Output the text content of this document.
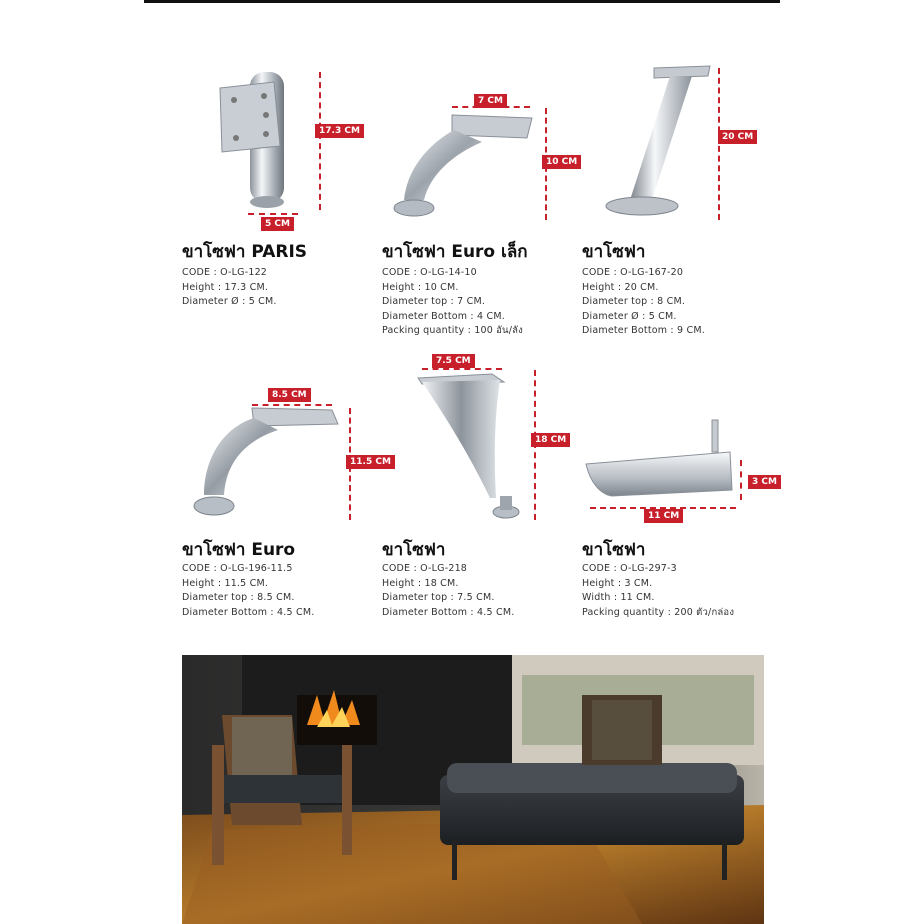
17.3 CM
5 CM
ขาโซฟา PARIS
CODE : O-LG-122
Height : 17.3 CM.
Diameter Ø : 5 CM.
7 CM
10 CM
ขาโซฟา Euro เล็ก
CODE : O-LG-14-10
Height : 10 CM.
Diameter top : 7 CM.
Diameter Bottom : 4 CM.
Packing quantity : 100 อัน/ลัง
20 CM
ขาโซฟา
CODE : O-LG-167-20
Height : 20 CM.
Diameter top : 8 CM.
Diameter Ø : 5 CM.
Diameter Bottom : 9 CM.
8.5 CM
11.5 CM
ขาโซฟา Euro
CODE : O-LG-196-11.5
Height : 11.5 CM.
Diameter top : 8.5 CM.
Diameter Bottom : 4.5 CM.
7.5 CM
18 CM
ขาโซฟา
CODE : O-LG-218
Height : 18 CM.
Diameter top : 7.5 CM.
Diameter Bottom : 4.5 CM.
3 CM
11 CM
ขาโซฟา
CODE : O-LG-297-3
Height : 3 CM.
Width : 11 CM.
Packing quantity : 200 ตัว/กล่อง
